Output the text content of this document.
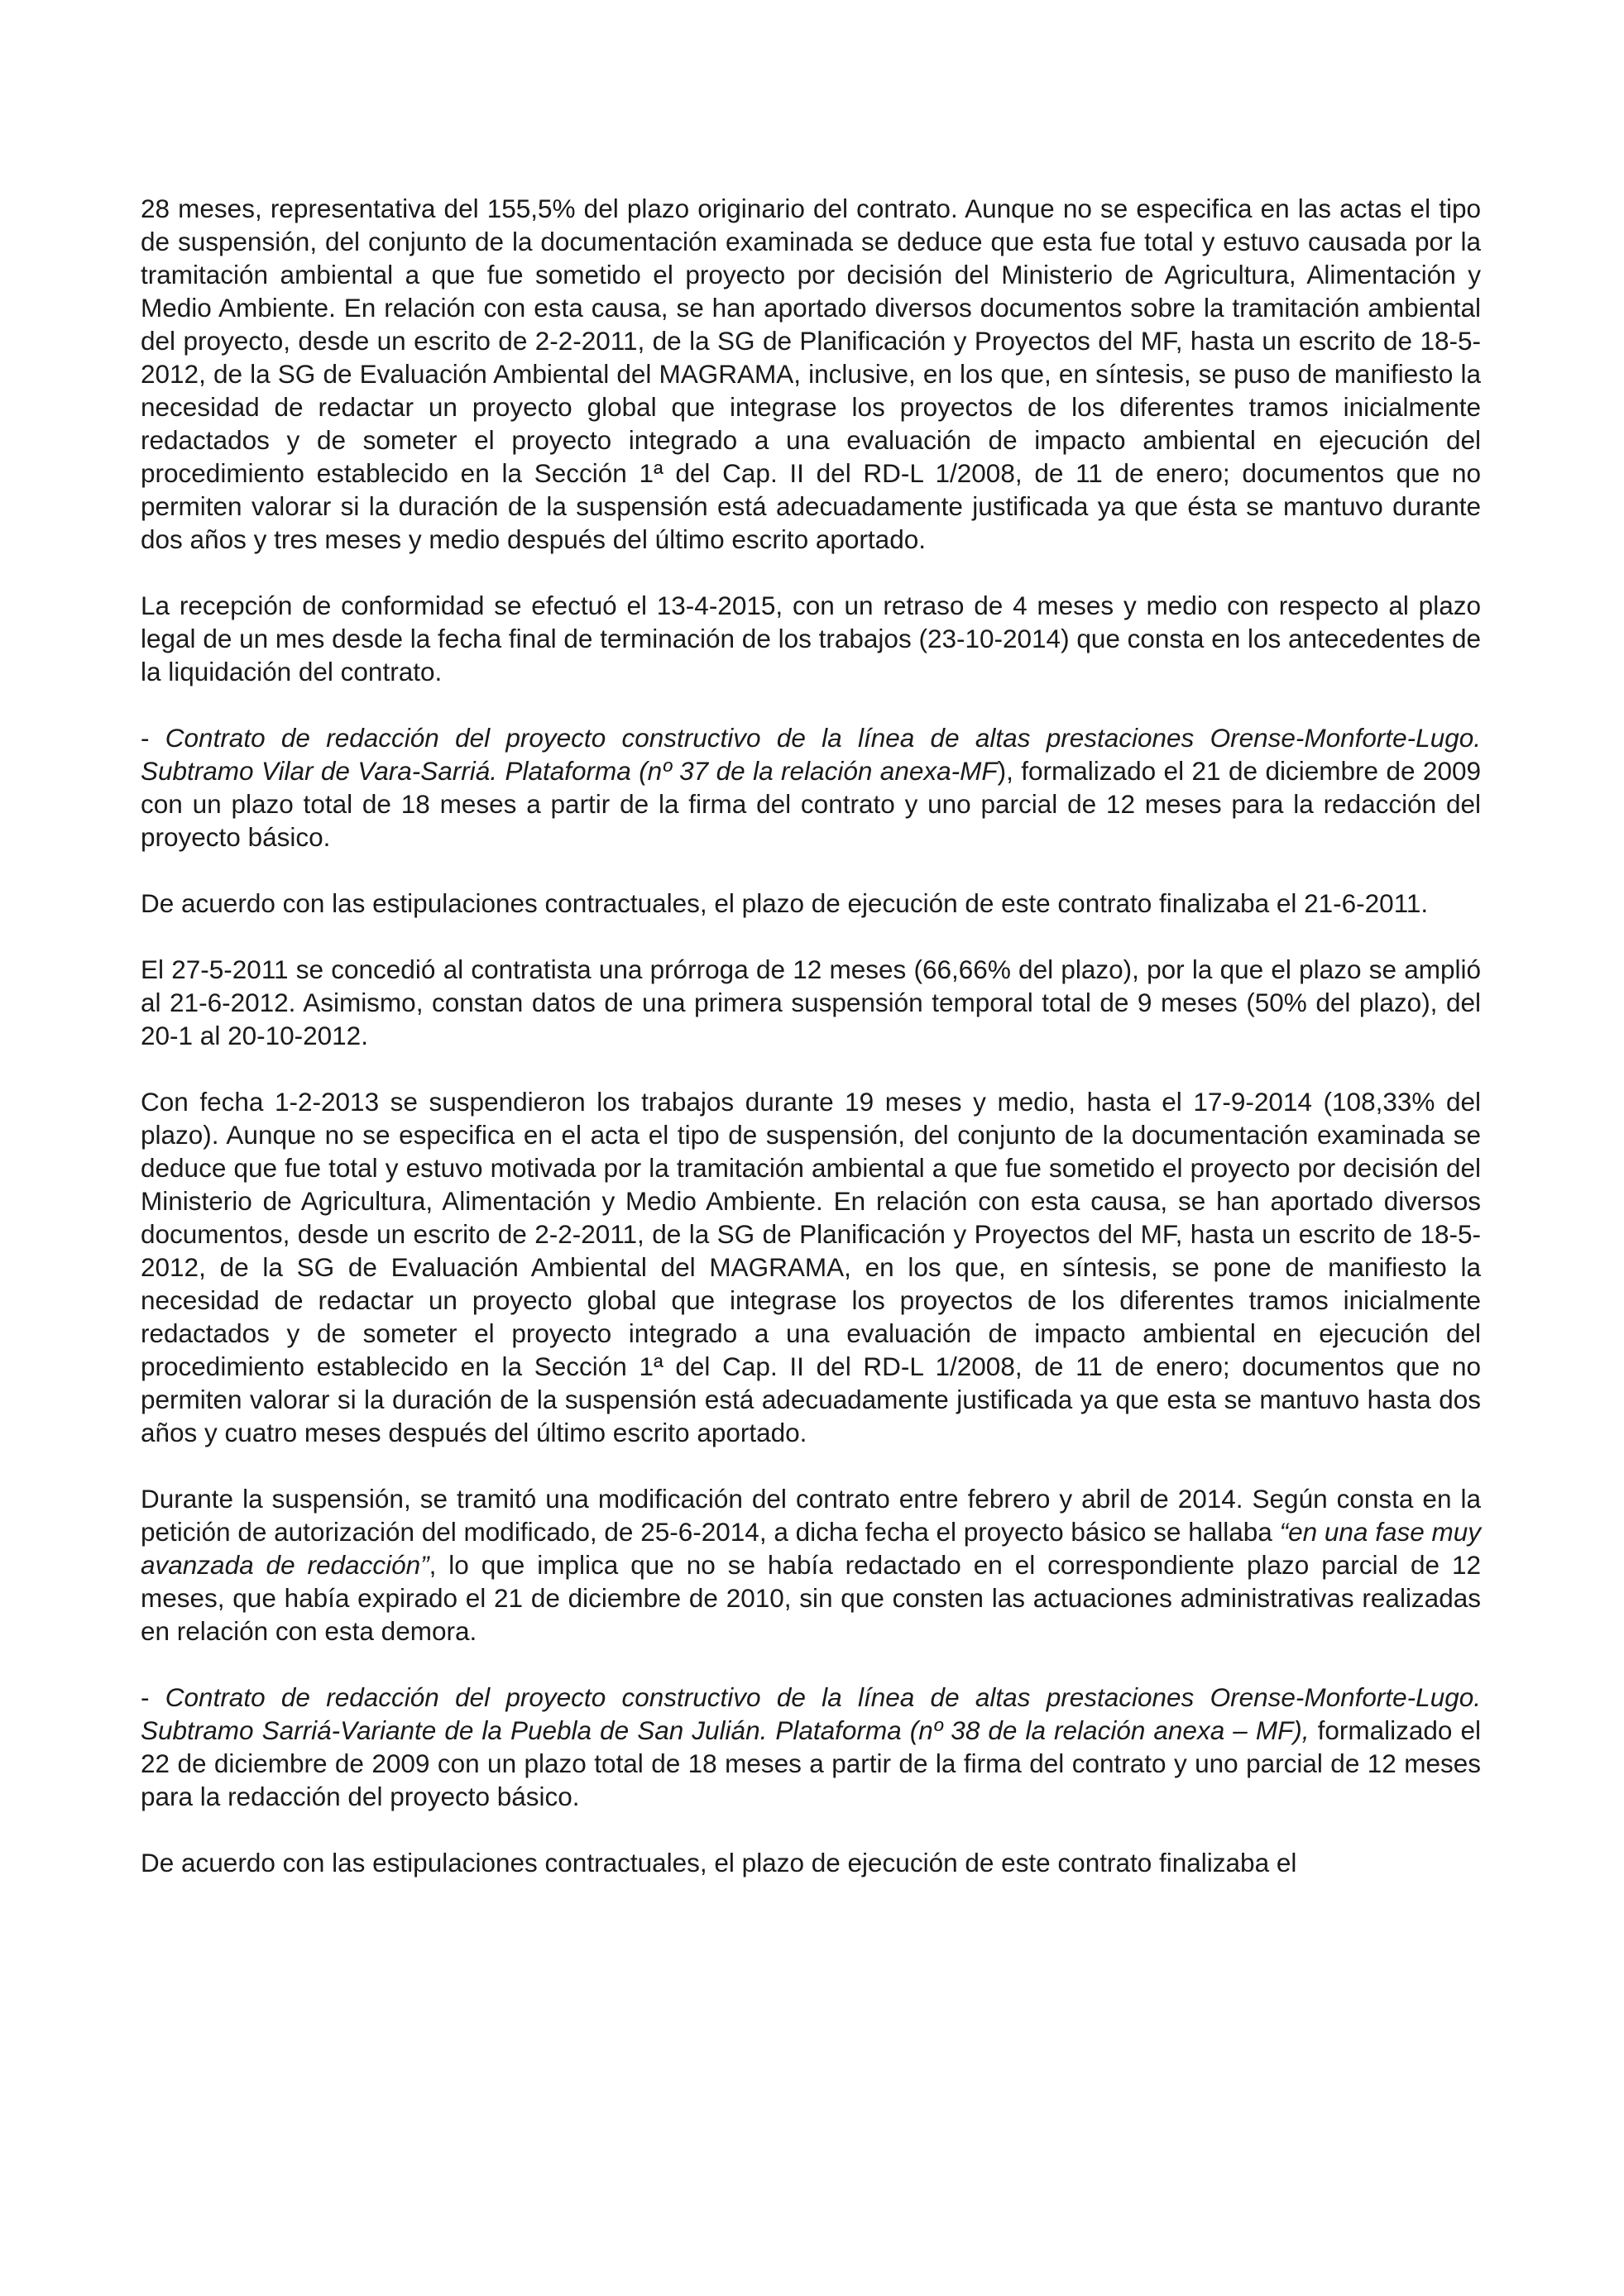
28 meses, representativa del 155,5% del plazo originario del contrato. Aunque no se especifica en las actas el tipo de suspensión, del conjunto de la documentación examinada se deduce que esta fue total y estuvo causada por la tramitación ambiental a que fue sometido el proyecto por decisión del Ministerio de Agricultura, Alimentación y Medio Ambiente. En relación con esta causa, se han aportado diversos documentos sobre la tramitación ambiental del proyecto, desde un escrito de 2-2-2011, de la SG de Planificación y Proyectos del MF, hasta un escrito de 18-5-2012, de la SG de Evaluación Ambiental del MAGRAMA, inclusive, en los que, en síntesis, se puso de manifiesto la necesidad de redactar un proyecto global que integrase los proyectos de los diferentes tramos inicialmente redactados y de someter el proyecto integrado a una evaluación de impacto ambiental en ejecución del procedimiento establecido en la Sección 1ª del Cap. II del RD-L 1/2008, de 11 de enero; documentos que no permiten valorar si la duración de la suspensión está adecuadamente justificada ya que ésta se mantuvo durante dos años y tres meses y medio después del último escrito aportado.

La recepción de conformidad se efectuó el 13-4-2015, con un retraso de 4 meses y medio con respecto al plazo legal de un mes desde la fecha final de terminación de los trabajos (23-10-2014) que consta en los antecedentes de la liquidación del contrato.

- Contrato de redacción del proyecto constructivo de la línea de altas prestaciones Orense-Monforte-Lugo. Subtramo Vilar de Vara-Sarriá. Plataforma (nº 37 de la relación anexa-MF), formalizado el 21 de diciembre de 2009 con un plazo total de 18 meses a partir de la firma del contrato y uno parcial de 12 meses para la redacción del proyecto básico.

De acuerdo con las estipulaciones contractuales, el plazo de ejecución de este contrato finalizaba el 21-6-2011.

El 27-5-2011 se concedió al contratista una prórroga de 12 meses (66,66% del plazo), por la que el plazo se amplió al 21-6-2012. Asimismo, constan datos de una primera suspensión temporal total de 9 meses (50% del plazo), del 20-1 al 20-10-2012.

Con fecha 1-2-2013 se suspendieron los trabajos durante 19 meses y medio, hasta el 17-9-2014 (108,33% del plazo). Aunque no se especifica en el acta el tipo de suspensión, del conjunto de la documentación examinada se deduce que fue total y estuvo motivada por la tramitación ambiental a que fue sometido el proyecto por decisión del Ministerio de Agricultura, Alimentación y Medio Ambiente. En relación con esta causa, se han aportado diversos documentos, desde un escrito de 2-2-2011, de la SG de Planificación y Proyectos del MF, hasta un escrito de 18-5-2012, de la SG de Evaluación Ambiental del MAGRAMA, en los que, en síntesis, se pone de manifiesto la necesidad de redactar un proyecto global que integrase los proyectos de los diferentes tramos inicialmente redactados y de someter el proyecto integrado a una evaluación de impacto ambiental en ejecución del procedimiento establecido en la Sección 1ª del Cap. II del RD-L 1/2008, de 11 de enero; documentos que no permiten valorar si la duración de la suspensión está adecuadamente justificada ya que esta se mantuvo hasta dos años y cuatro meses después del último escrito aportado.

Durante la suspensión, se tramitó una modificación del contrato entre febrero y abril de 2014. Según consta en la petición de autorización del modificado, de 25-6-2014, a dicha fecha el proyecto básico se hallaba “en una fase muy avanzada de redacción”, lo que implica que no se había redactado en el correspondiente plazo parcial de 12 meses, que había expirado el 21 de diciembre de 2010, sin que consten las actuaciones administrativas realizadas en relación con esta demora.

- Contrato de redacción del proyecto constructivo de la línea de altas prestaciones Orense-Monforte-Lugo. Subtramo Sarriá-Variante de la Puebla de San Julián. Plataforma (nº 38 de la relación anexa – MF), formalizado el 22 de diciembre de 2009 con un plazo total de 18 meses a partir de la firma del contrato y uno parcial de 12 meses para la redacción del proyecto básico.

De acuerdo con las estipulaciones contractuales, el plazo de ejecución de este contrato finalizaba el
